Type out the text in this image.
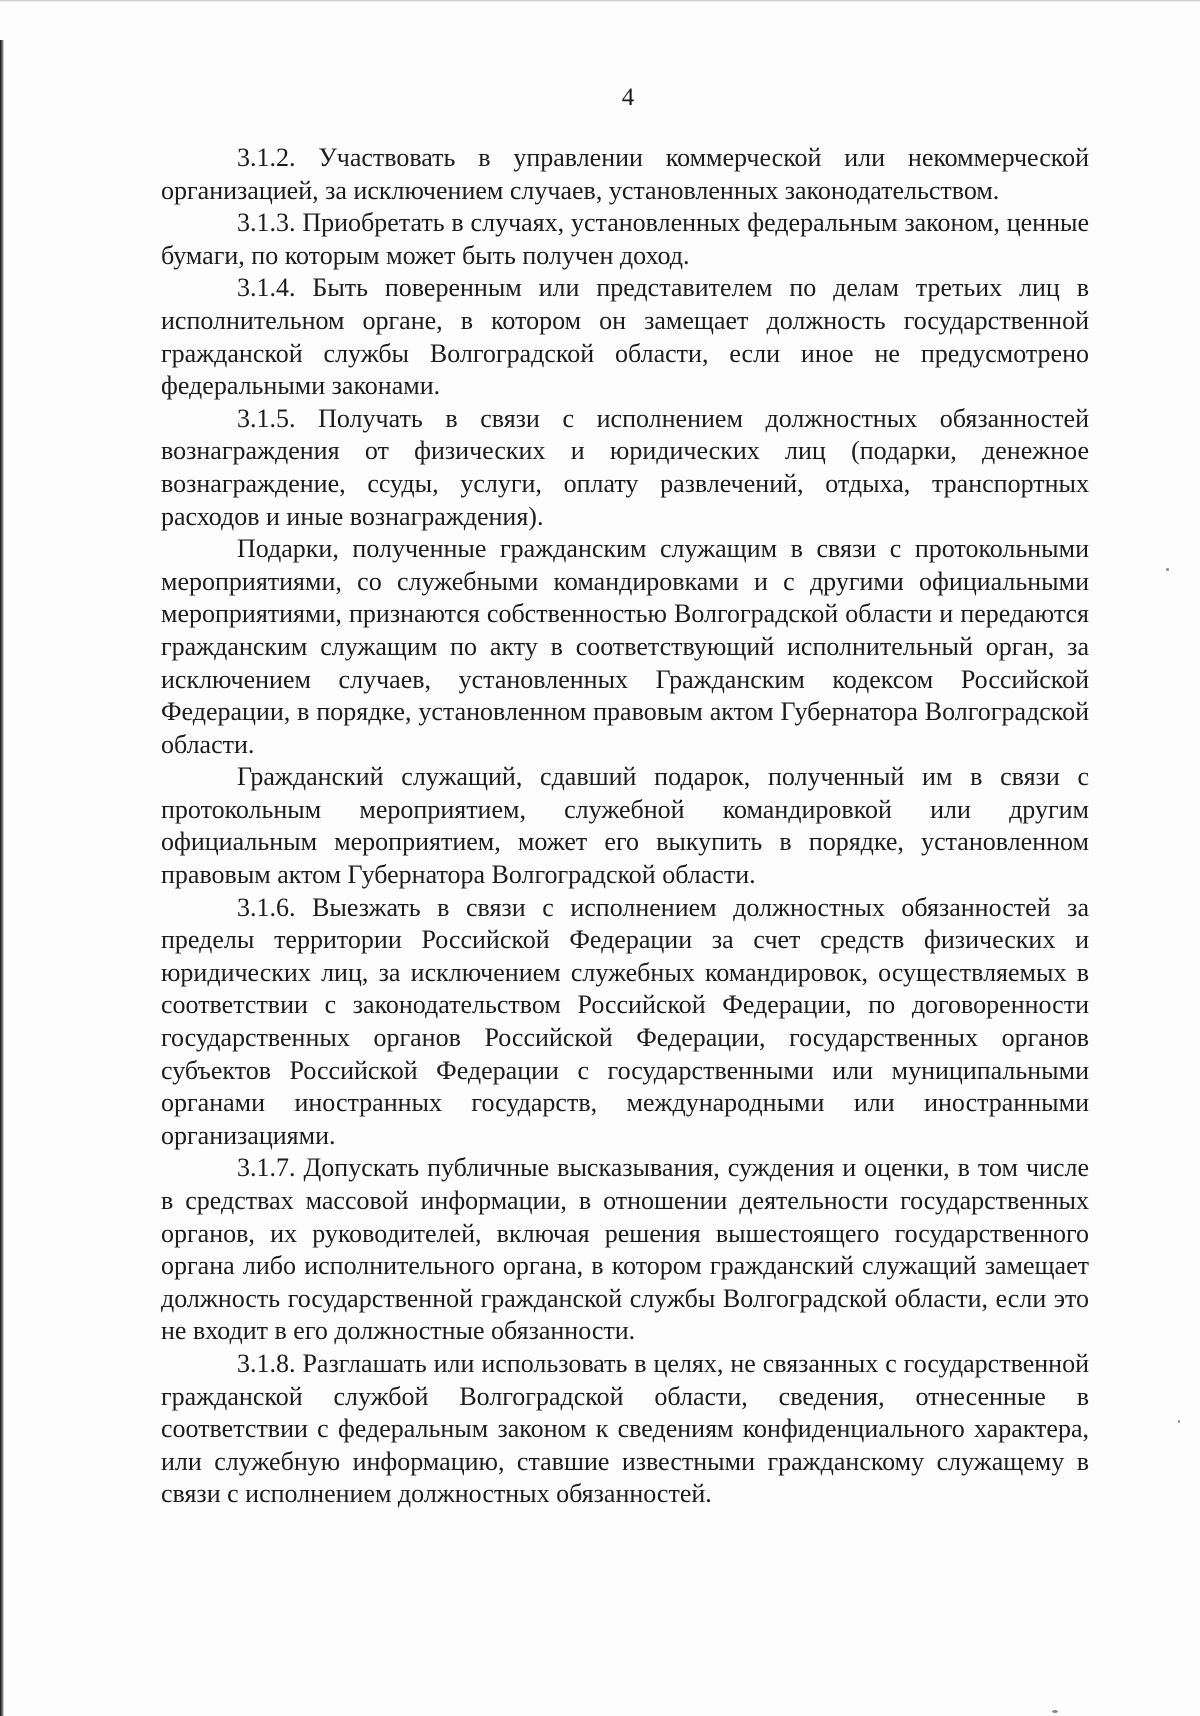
4

3.1.2. Участвовать в управлении коммерческой или некоммерческой организацией, за исключением случаев, установленных законодательством.

3.1.3. Приобретать в случаях, установленных федеральным законом, ценные бумаги, по которым может быть получен доход.

3.1.4. Быть поверенным или представителем по делам третьих лиц в исполнительном органе, в котором он замещает должность государственной гражданской службы Волгоградской области, если иное не предусмотрено федеральными законами.

3.1.5. Получать в связи с исполнением должностных обязанностей вознаграждения от физических и юридических лиц (подарки, денежное вознаграждение, ссуды, услуги, оплату развлечений, отдыха, транспортных расходов и иные вознаграждения).

Подарки, полученные гражданским служащим в связи с протокольными мероприятиями, со служебными командировками и с другими официальными мероприятиями, признаются собственностью Волгоградской области и передаются гражданским служащим по акту в соответствующий исполнительный орган, за исключением случаев, установленных Гражданским кодексом Российской Федерации, в порядке, установленном правовым актом Губернатора Волгоградской области.

Гражданский служащий, сдавший подарок, полученный им в связи с протокольным мероприятием, служебной командировкой или другим официальным мероприятием, может его выкупить в порядке, установленном правовым актом Губернатора Волгоградской области.

3.1.6. Выезжать в связи с исполнением должностных обязанностей за пределы территории Российской Федерации за счет средств физических и юридических лиц, за исключением служебных командировок, осуществляемых в соответствии с законодательством Российской Федерации, по договоренности государственных органов Российской Федерации, государственных органов субъектов Российской Федерации с государственными или муниципальными органами иностранных государств, международными или иностранными организациями.

3.1.7. Допускать публичные высказывания, суждения и оценки, в том числе в средствах массовой информации, в отношении деятельности государственных органов, их руководителей, включая решения вышестоящего государственного органа либо исполнительного органа, в котором гражданский служащий замещает должность государственной гражданской службы Волгоградской области, если это не входит в его должностные обязанности.

3.1.8. Разглашать или использовать в целях, не связанных с государственной гражданской службой Волгоградской области, сведения, отнесенные в соответствии с федеральным законом к сведениям конфиденциального характера, или служебную информацию, ставшие известными гражданскому служащему в связи с исполнением должностных обязанностей.
